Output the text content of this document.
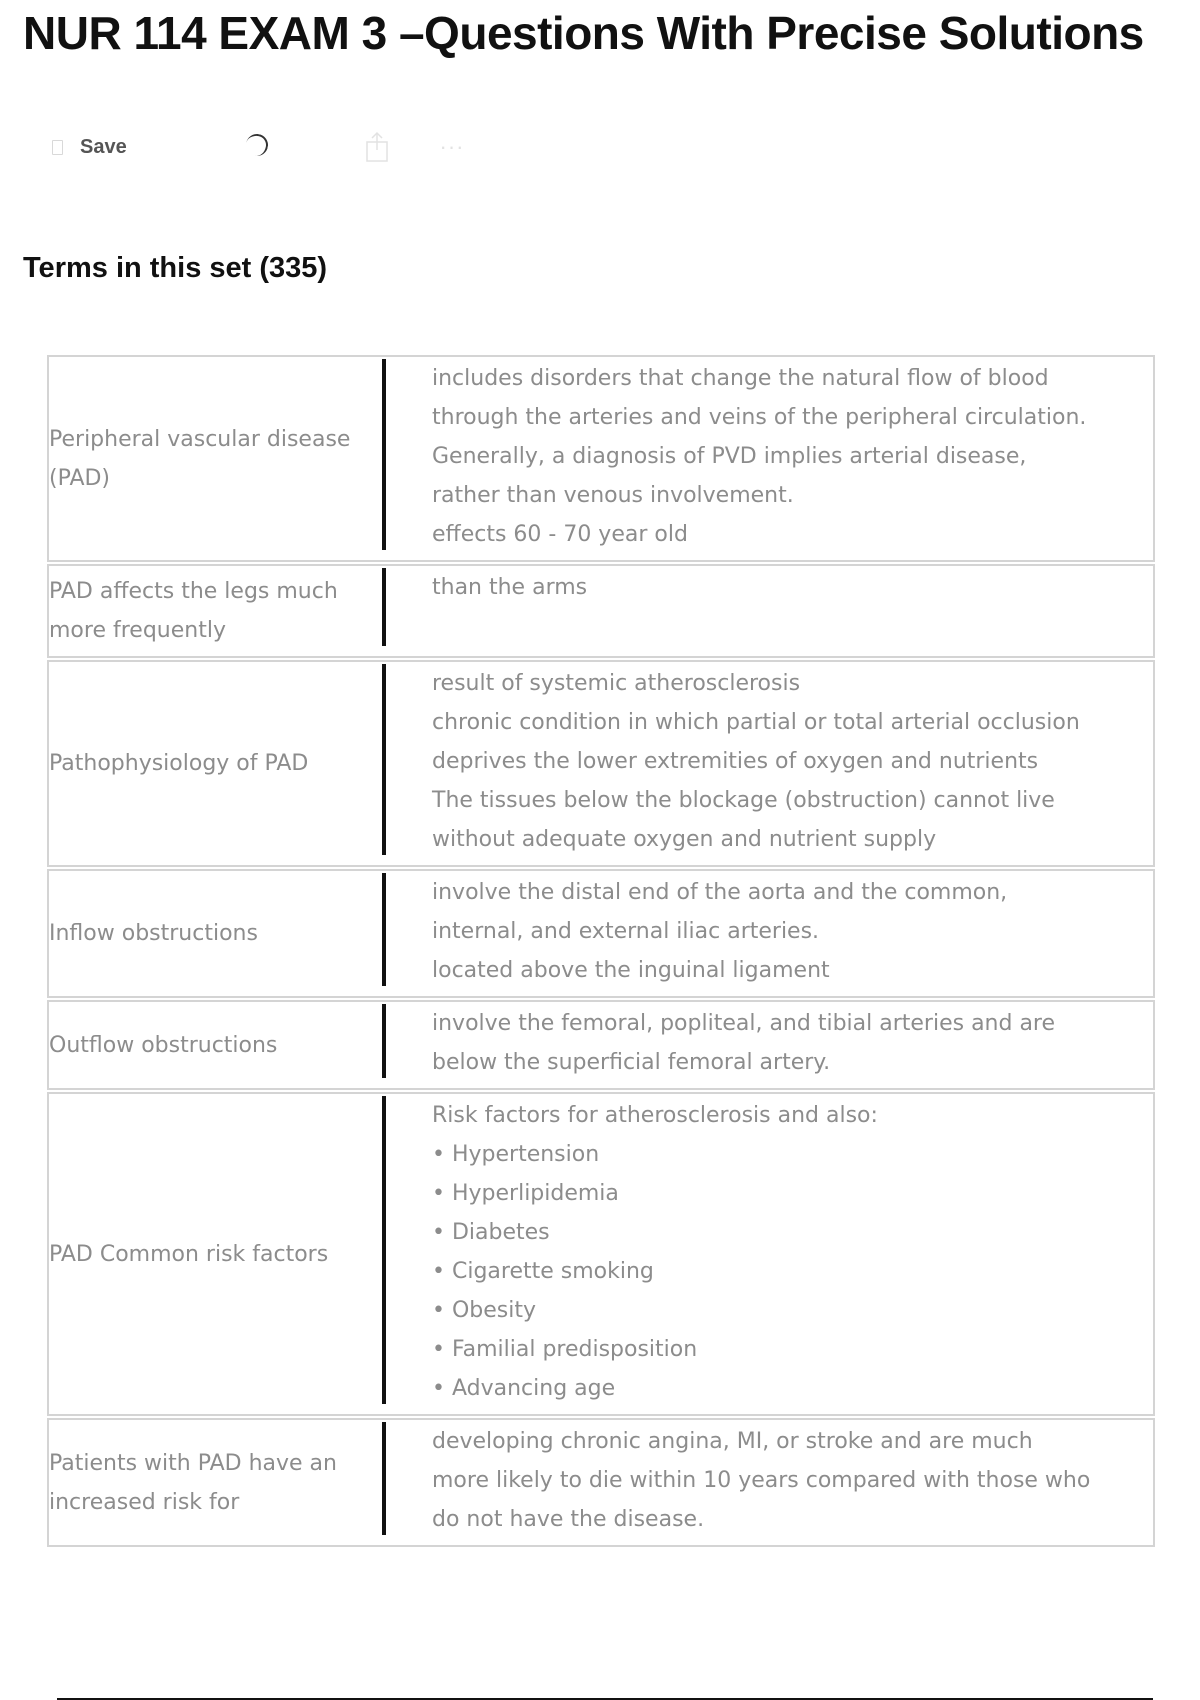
NUR 114 EXAM 3 –Questions With Precise Solutions
Save	···
Terms in this set (335)
Peripheral vascular disease (PAD)
includes disorders that change the natural flow of blood through the arteries and veins of the peripheral circulation. Generally, a diagnosis of PVD implies arterial disease, rather than venous involvement.
effects 60 - 70 year old
PAD affects the legs much more frequently
than the arms
Pathophysiology of PAD
result of systemic atherosclerosis
chronic condition in which partial or total arterial occlusion deprives the lower extremities of oxygen and nutrients
The tissues below the blockage (obstruction) cannot live without adequate oxygen and nutrient supply
Inflow obstructions
involve the distal end of the aorta and the common, internal, and external iliac arteries.
located above the inguinal ligament
Outflow obstructions
involve the femoral, popliteal, and tibial arteries and are below the superficial femoral artery.
PAD Common risk factors
Risk factors for atherosclerosis and also:
• Hypertension
• Hyperlipidemia
• Diabetes
• Cigarette smoking
• Obesity
• Familial predisposition
• Advancing age
Patients with PAD have an increased risk for
developing chronic angina, MI, or stroke and are much more likely to die within 10 years compared with those who do not have the disease.
